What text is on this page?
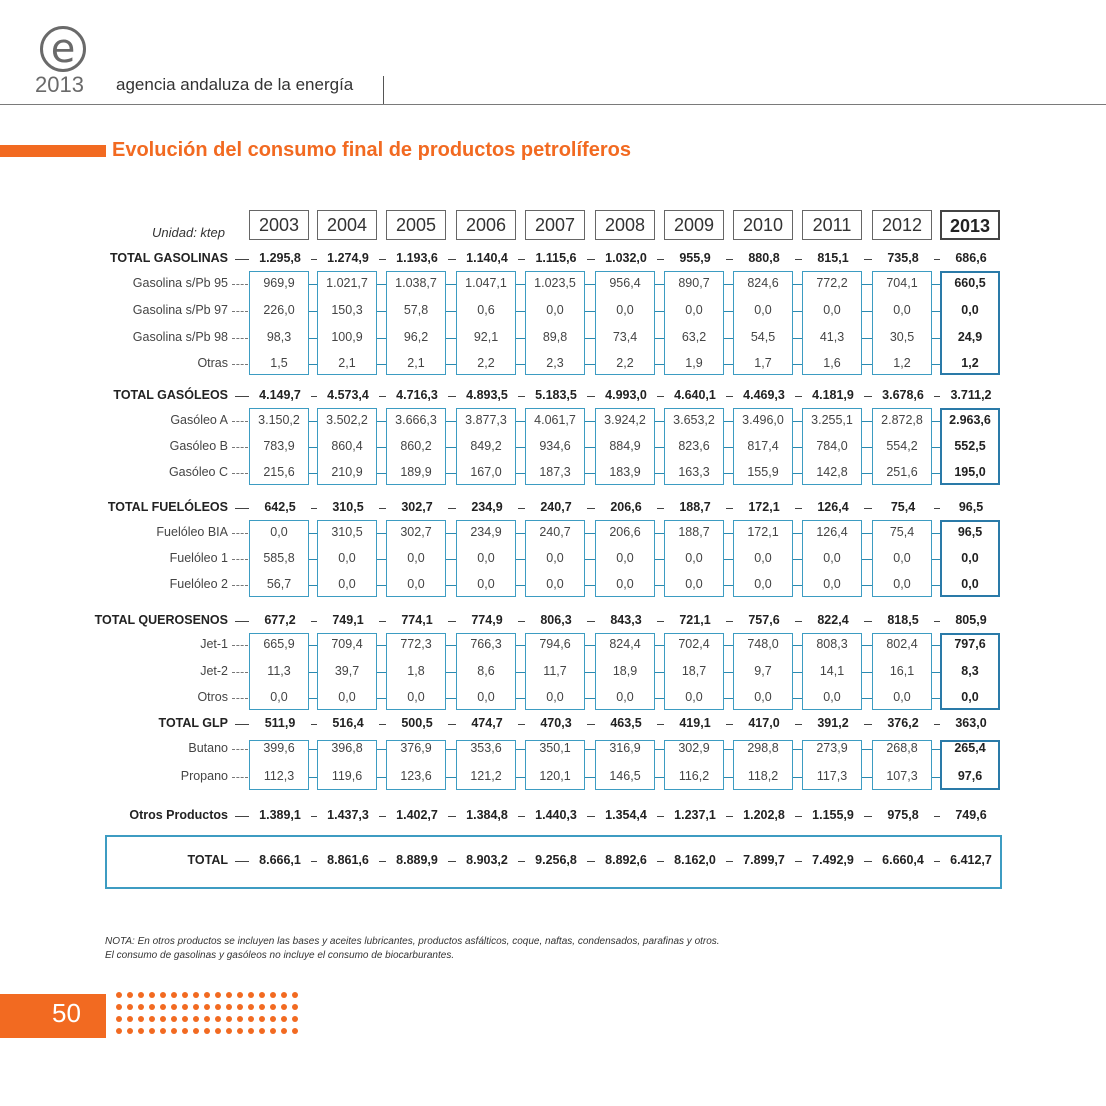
e
2013 agencia andaluza de la energía
Evolución del consumo final de productos petrolíferos
Unidad: ktep	2003	2004	2005	2006	2007	2008	2009	2010	2011	2012	2013
TOTAL GASOLINAS	1.295,8	1.274,9	1.193,6	1.140,4	1.115,6	1.032,0	955,9	880,8	815,1	735,8	686,6
Gasolina s/Pb 95	969,9	1.021,7	1.038,7	1.047,1	1.023,5	956,4	890,7	824,6	772,2	704,1	660,5
Gasolina s/Pb 97	226,0	150,3	57,8	0,6	0,0	0,0	0,0	0,0	0,0	0,0	0,0
Gasolina s/Pb 98	98,3	100,9	96,2	92,1	89,8	73,4	63,2	54,5	41,3	30,5	24,9
Otras	1,5	2,1	2,1	2,2	2,3	2,2	1,9	1,7	1,6	1,2	1,2
TOTAL GASÓLEOS	4.149,7	4.573,4	4.716,3	4.893,5	5.183,5	4.993,0	4.640,1	4.469,3	4.181,9	3.678,6	3.711,2
Gasóleo A	3.150,2	3.502,2	3.666,3	3.877,3	4.061,7	3.924,2	3.653,2	3.496,0	3.255,1	2.872,8	2.963,6
Gasóleo B	783,9	860,4	860,2	849,2	934,6	884,9	823,6	817,4	784,0	554,2	552,5
Gasóleo C	215,6	210,9	189,9	167,0	187,3	183,9	163,3	155,9	142,8	251,6	195,0
TOTAL FUELÓLEOS	642,5	310,5	302,7	234,9	240,7	206,6	188,7	172,1	126,4	75,4	96,5
Fuelóleo BIA	0,0	310,5	302,7	234,9	240,7	206,6	188,7	172,1	126,4	75,4	96,5
Fuelóleo 1	585,8	0,0	0,0	0,0	0,0	0,0	0,0	0,0	0,0	0,0	0,0
Fuelóleo 2	56,7	0,0	0,0	0,0	0,0	0,0	0,0	0,0	0,0	0,0	0,0
TOTAL QUEROSENOS	677,2	749,1	774,1	774,9	806,3	843,3	721,1	757,6	822,4	818,5	805,9
Jet-1	665,9	709,4	772,3	766,3	794,6	824,4	702,4	748,0	808,3	802,4	797,6
Jet-2	11,3	39,7	1,8	8,6	11,7	18,9	18,7	9,7	14,1	16,1	8,3
Otros	0,0	0,0	0,0	0,0	0,0	0,0	0,0	0,0	0,0	0,0	0,0
TOTAL GLP	511,9	516,4	500,5	474,7	470,3	463,5	419,1	417,0	391,2	376,2	363,0
Butano	399,6	396,8	376,9	353,6	350,1	316,9	302,9	298,8	273,9	268,8	265,4
Propano	112,3	119,6	123,6	121,2	120,1	146,5	116,2	118,2	117,3	107,3	97,6
Otros Productos	1.389,1	1.437,3	1.402,7	1.384,8	1.440,3	1.354,4	1.237,1	1.202,8	1.155,9	975,8	749,6
TOTAL	8.666,1	8.861,6	8.889,9	8.903,2	9.256,8	8.892,6	8.162,0	7.899,7	7.492,9	6.660,4	6.412,7
NOTA: En otros productos se incluyen las bases y aceites lubricantes, productos asfálticos, coque, naftas, condensados, parafinas y otros.
El consumo de gasolinas y gasóleos no incluye el consumo de biocarburantes.
50
